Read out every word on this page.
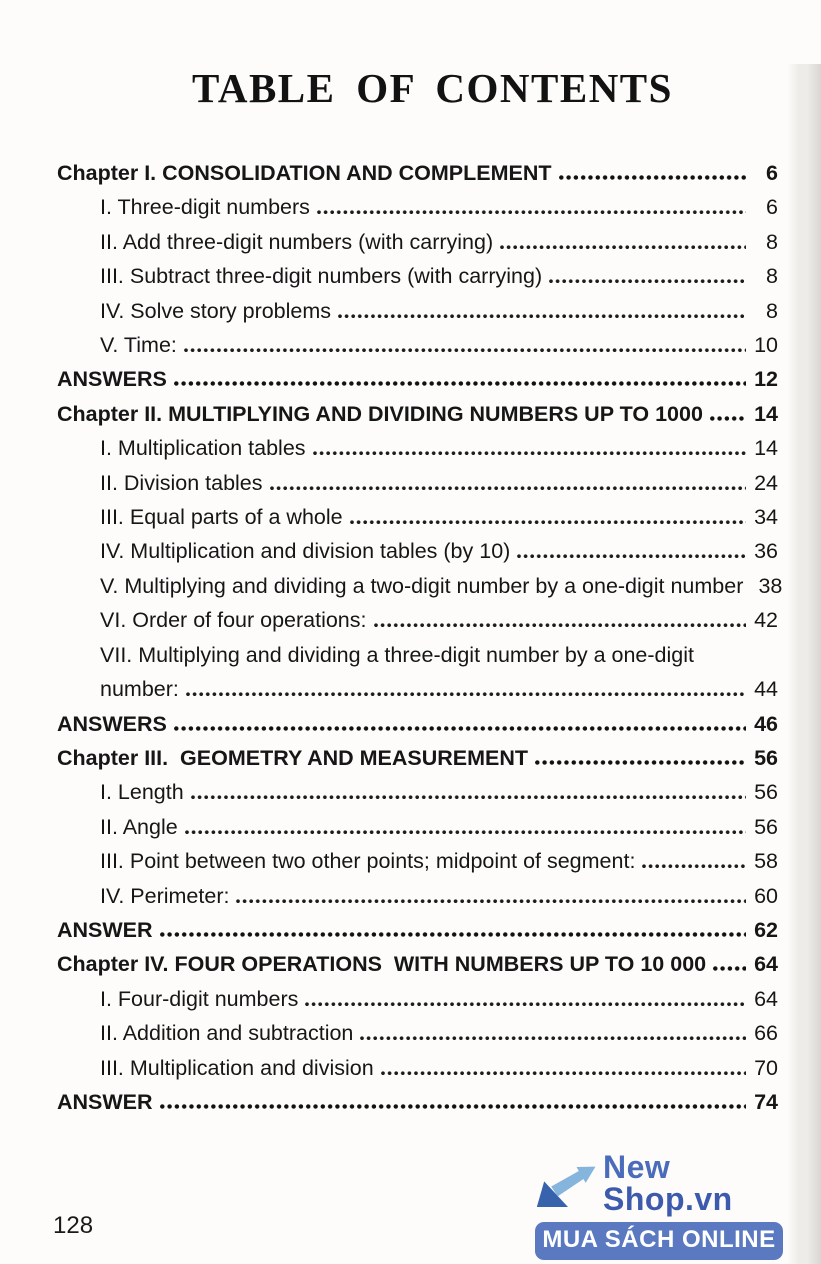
TABLE OF CONTENTS
Chapter I. CONSOLIDATION AND COMPLEMENT	6
I. Three-digit numbers	6
II. Add three-digit numbers (with carrying)	8
III. Subtract three-digit numbers (with carrying)	8
IV. Solve story problems	8
V. Time:	10
ANSWERS	12
Chapter II. MULTIPLYING AND DIVIDING NUMBERS UP TO 1000 14
I. Multiplication tables	14
II. Division tables	24
III. Equal parts of a whole	34
IV. Multiplication and division tables (by 10)	36
V. Multiplying and dividing a two-digit number by a one-digit number 38
VI. Order of four operations:	42
VII. Multiplying and dividing a three-digit number by a one-digit
number:	44
ANSWERS	46
Chapter III.  GEOMETRY AND MEASUREMENT	56
I. Length	56
II. Angle	56
III. Point between two other points; midpoint of segment:	58
IV. Perimeter:	60
ANSWER	62
Chapter IV. FOUR OPERATIONS  WITH NUMBERS UP TO 10 000 64
I. Four-digit numbers	64
II. Addition and subtraction	66
III. Multiplication and division	70
ANSWER	74
128
New Shop.vn
MUA SÁCH ONLINE
